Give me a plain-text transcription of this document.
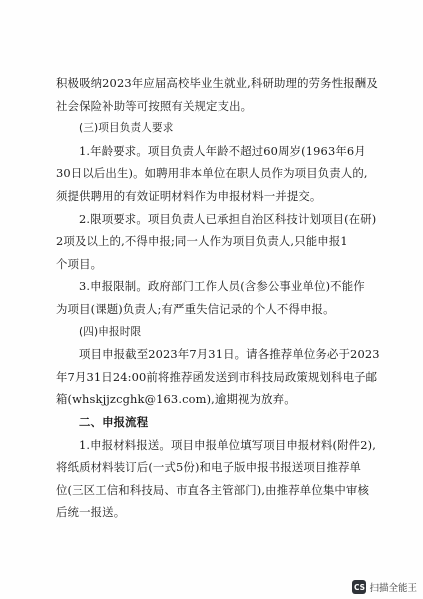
积极吸纳2023年应届高校毕业生就业,科研助理的劳务性报酬及
社会保险补助等可按照有关规定支出。
(三)项目负责人要求
1.年龄要求。项目负责人年龄不超过60周岁(1963年6月
30日以后出生)。如聘用非本单位在职人员作为项目负责人的,
须提供聘用的有效证明材料作为申报材料一并提交。
2.限项要求。项目负责人已承担自治区科技计划项目(在研)
2项及以上的,不得申报;同一人作为项目负责人,只能申报1
个项目。
3.申报限制。政府部门工作人员(含参公事业单位)不能作
为项目(课题)负责人;有严重失信记录的个人不得申报。
(四)申报时限
项目申报截至2023年7月31日。请各推荐单位务必于2023
年7月31日24:00前将推荐函发送到市科技局政策规划科电子邮
箱(whskjjzcghk@163.com),逾期视为放弃。
二、申报流程
1.申报材料报送。项目申报单位填写项目申报材料(附件2),
将纸质材料装订后(一式5份)和电子版申报书报送项目推荐单
位(三区工信和科技局、市直各主管部门),由推荐单位集中审核
后统一报送。
CS 扫描全能王
